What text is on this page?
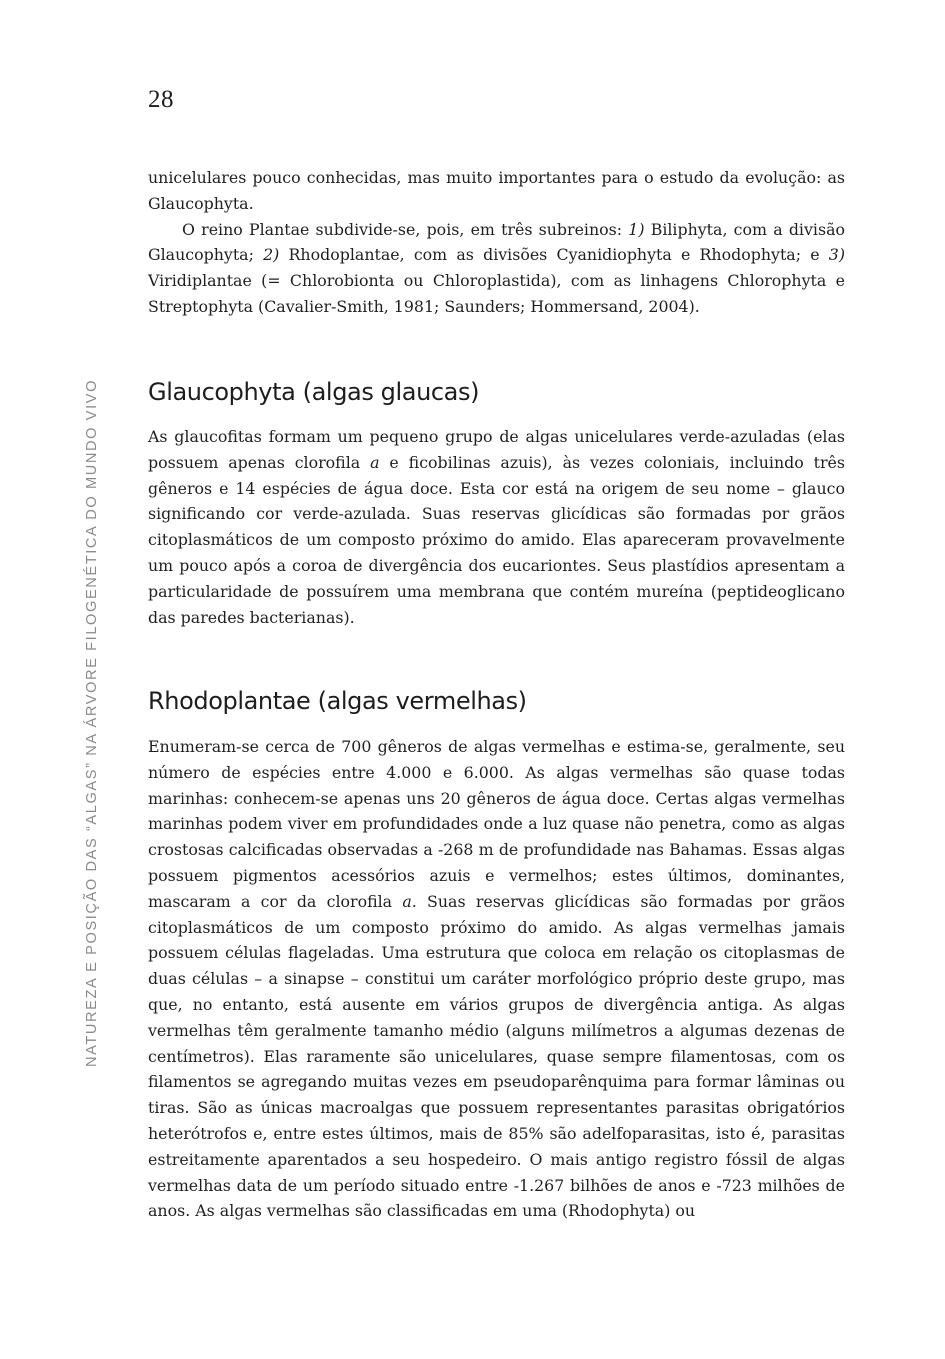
28
NATUREZA E POSIÇÃO DAS “ALGAS” NA ÁRVORE FILOGENÉTICA DO MUNDO VIVO

unicelulares pouco conhecidas, mas muito importantes para o estudo da evolução: as Glaucophyta.

O reino Plantae subdivide-se, pois, em três subreinos: 1) Biliphyta, com a divisão Glaucophyta; 2) Rhodoplantae, com as divisões Cyanidiophyta e Rhodophyta; e 3) Viridiplantae (= Chlorobionta ou Chloroplastida), com as linhagens Chlorophyta e Streptophyta (Cavalier-Smith, 1981; Saunders; Hommersand, 2004).

Glaucophyta (algas glaucas)

As glaucofitas formam um pequeno grupo de algas unicelulares verde-azuladas (elas possuem apenas clorofila a e ficobilinas azuis), às vezes coloniais, incluindo três gêneros e 14 espécies de água doce. Esta cor está na origem de seu nome – glauco significando cor verde-azulada. Suas reservas glicídicas são formadas por grãos citoplasmáticos de um composto próximo do amido. Elas apareceram provavelmente um pouco após a coroa de divergência dos eucariontes. Seus plastídios apresentam a particularidade de possuírem uma membrana que contém mureína (peptideoglicano das paredes bacterianas).

Rhodoplantae (algas vermelhas)

Enumeram-se cerca de 700 gêneros de algas vermelhas e estima-se, geralmente, seu número de espécies entre 4.000 e 6.000. As algas vermelhas são quase todas marinhas: conhecem-se apenas uns 20 gêneros de água doce. Certas algas vermelhas marinhas podem viver em profundidades onde a luz quase não penetra, como as algas crostosas calcificadas observadas a -268 m de profundidade nas Bahamas. Essas algas possuem pigmentos acessórios azuis e vermelhos; estes últimos, dominantes, mascaram a cor da clorofila a. Suas reservas glicídicas são formadas por grãos citoplasmáticos de um composto próximo do amido. As algas vermelhas jamais possuem células flageladas. Uma estrutura que coloca em relação os citoplasmas de duas células – a sinapse – constitui um caráter morfológico próprio deste grupo, mas que, no entanto, está ausente em vários grupos de divergência antiga. As algas vermelhas têm geralmente tamanho médio (alguns milímetros a algumas dezenas de centímetros). Elas raramente são unicelulares, quase sempre filamentosas, com os filamentos se agregando muitas vezes em pseudoparênquima para formar lâminas ou tiras. São as únicas macroalgas que possuem representantes parasitas obrigatórios heterótrofos e, entre estes últimos, mais de 85% são adelfoparasitas, isto é, parasitas estreitamente aparentados a seu hospedeiro. O mais antigo registro fóssil de algas vermelhas data de um período situado entre -1.267 bilhões de anos e -723 milhões de anos. As algas vermelhas são classificadas em uma (Rhodophyta) ou
